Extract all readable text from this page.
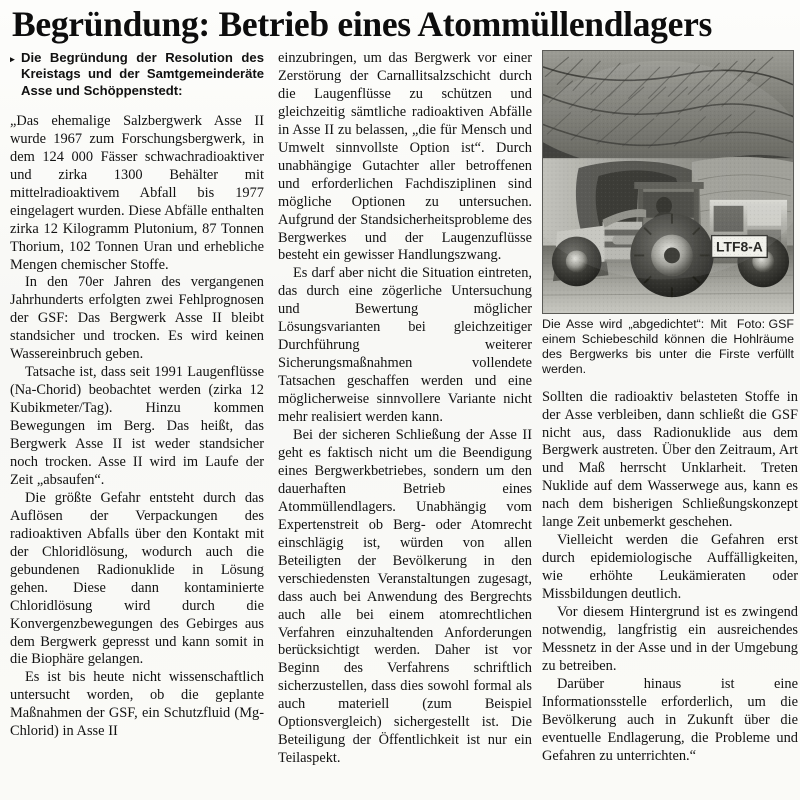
Begründung: Betrieb eines Atommüllendlagers

▸ Die Begründung der Resolution des Kreistags und der Samtgemeinderäte Asse und Schöppenstedt:

„Das ehemalige Salzbergwerk Asse II wurde 1967 zum Forschungsbergwerk, in dem 124 000 Fässer schwachradioaktiver und zirka 1300 Behälter mit mittelradioaktivem Abfall bis 1977 eingelagert wurden. Diese Abfälle enthalten zirka 12 Kilogramm Plutonium, 87 Tonnen Thorium, 102 Tonnen Uran und erhebliche Mengen chemischer Stoffe.

In den 70er Jahren des vergangenen Jahrhunderts erfolgten zwei Fehlprognosen der GSF: Das Bergwerk Asse II bleibt standsicher und trocken. Es wird keinen Wassereinbruch geben.

Tatsache ist, dass seit 1991 Laugenflüsse (Na-Chorid) beobachtet werden (zirka 12 Kubikmeter/Tag). Hinzu kommen Bewegungen im Berg. Das heißt, das Bergwerk Asse II ist weder standsicher noch trocken. Asse II wird im Laufe der Zeit „absaufen“.

Die größte Gefahr entsteht durch das Auflösen der Verpackungen des radioaktiven Abfalls über den Kontakt mit der Chloridlösung, wodurch auch die gebundenen Radionuklide in Lösung gehen. Diese dann kontaminierte Chloridlösung wird durch die Konvergenzbewegungen des Gebirges aus dem Bergwerk gepresst und kann somit in die Biophäre gelangen.

Es ist bis heute nicht wissenschaftlich untersucht worden, ob die geplante Maßnahmen der GSF, ein Schutzfluid (Mg-Chlorid) in Asse II

einzubringen, um das Bergwerk vor einer Zerstörung der Carnallitsalzschicht durch die Laugenflüsse zu schützen und gleichzeitig sämtliche radioaktiven Abfälle in Asse II zu belassen, „die für Mensch und Umwelt sinnvollste Option ist“. Durch unabhängige Gutachter aller betroffenen und erforderlichen Fachdisziplinen sind mögliche Optionen zu untersuchen. Aufgrund der Standsicherheitsprobleme des Bergwerkes und der Laugenzuflüsse besteht ein gewisser Handlungszwang.

Es darf aber nicht die Situation eintreten, das durch eine zögerliche Untersuchung und Bewertung möglicher Lösungsvarianten bei gleichzeitiger Durchführung weiterer Sicherungsmaßnahmen vollendete Tatsachen geschaffen werden und eine möglicherweise sinnvollere Variante nicht mehr realisiert werden kann.

Bei der sicheren Schließung der Asse II geht es faktisch nicht um die Beendigung eines Bergwerkbetriebes, sondern um den dauerhaften Betrieb eines Atommüllendlagers. Unabhängig vom Expertenstreit ob Berg- oder Atomrecht einschlägig ist, würden von allen Beteiligten der Bevölkerung in den verschiedensten Veranstaltungen zugesagt, dass auch bei Anwendung des Bergrechts auch alle bei einem atomrechtlichen Verfahren einzuhaltenden Anforderungen berücksichtigt werden. Daher ist vor Beginn des Verfahrens schriftlich sicherzustellen, dass dies sowohl formal als auch materiell (zum Beispiel Optionsvergleich) sichergestellt ist. Die Beteiligung der Öffentlichkeit ist nur ein Teilaspekt.

Foto: GSF
Die Asse wird „abgedichtet“: Mit einem Schiebeschild können die Hohlräume des Bergwerks bis unter die Firste verfüllt werden.

Sollten die radioaktiv belasteten Stoffe in der Asse verbleiben, dann schließt die GSF nicht aus, dass Radionuklide aus dem Bergwerk austreten. Über den Zeitraum, Art und Maß herrscht Unklarheit. Treten Nuklide auf dem Wasserwege aus, kann es nach dem bisherigen Schließungskonzept lange Zeit unbemerkt geschehen.

Vielleicht werden die Gefahren erst durch epidemiologische Auffälligkeiten, wie erhöhte Leukämieraten oder Missbildungen deutlich.

Vor diesem Hintergrund ist es zwingend notwendig, langfristig ein ausreichendes Messnetz in der Asse und in der Umgebung zu betreiben.

Darüber hinaus ist eine Informationsstelle erforderlich, um die Bevölkerung auch in Zukunft über die eventuelle Endlagerung, die Probleme und Gefahren zu unterrichten.“
